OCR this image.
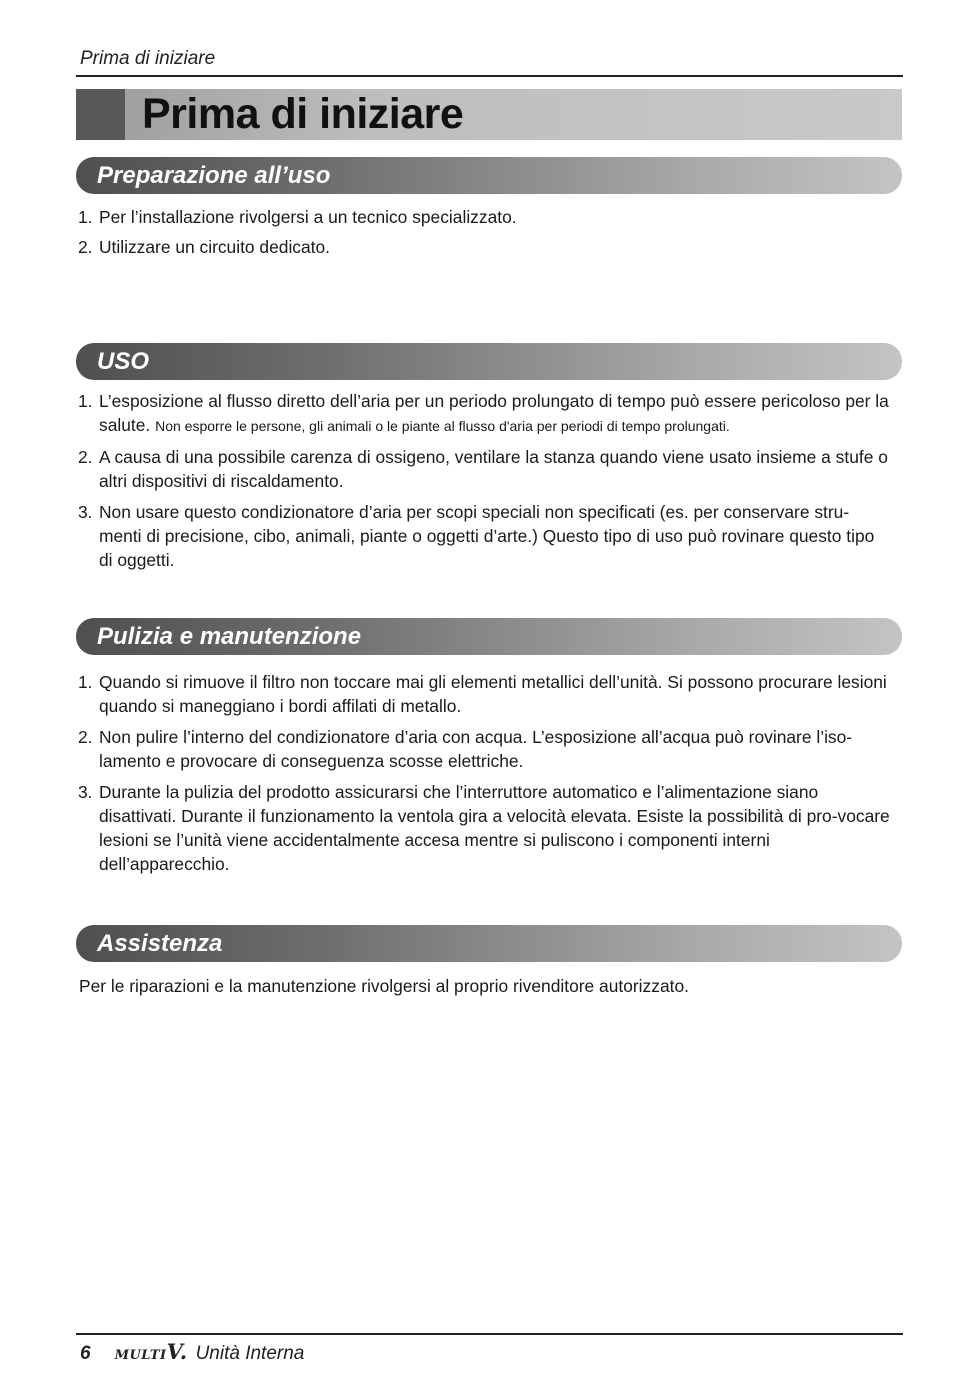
Prima di iniziare
Prima di iniziare
Preparazione all’uso
1. Per l’installazione rivolgersi a un tecnico specializzato.
2. Utilizzare un circuito dedicato.
USO
1. L’esposizione al flusso diretto dell’aria per un periodo prolungato di tempo può essere pericoloso per la salute. Non esporre le persone, gli animali o le piante al flusso d'aria per periodi di tempo prolungati.
2. A causa di una possibile carenza di ossigeno, ventilare la stanza quando viene usato insieme a stufe o altri dispositivi di riscaldamento.
3. Non usare questo condizionatore d’aria per scopi speciali non specificati (es. per conservare stru-menti di precisione, cibo, animali, piante o oggetti d’arte.) Questo tipo di uso può rovinare questo tipo di oggetti.
Pulizia e manutenzione
1. Quando si rimuove il filtro non toccare mai gli elementi metallici dell’unità. Si possono procurare lesioni quando si maneggiano i bordi affilati di metallo.
2. Non pulire l’interno del condizionatore d’aria con acqua. L’esposizione all’acqua può rovinare l’iso-lamento e provocare di conseguenza scosse elettriche.
3. Durante la pulizia del prodotto assicurarsi che l’interruttore automatico e l’alimentazione siano disattivati. Durante il funzionamento la ventola gira a velocità elevata. Esiste la possibilità di pro-vocare lesioni se l’unità viene accidentalmente accesa mentre si puliscono i componenti interni dell’apparecchio.
Assistenza
Per le riparazioni e la manutenzione rivolgersi al proprio rivenditore autorizzato.
6 MULTIV. Unità Interna
